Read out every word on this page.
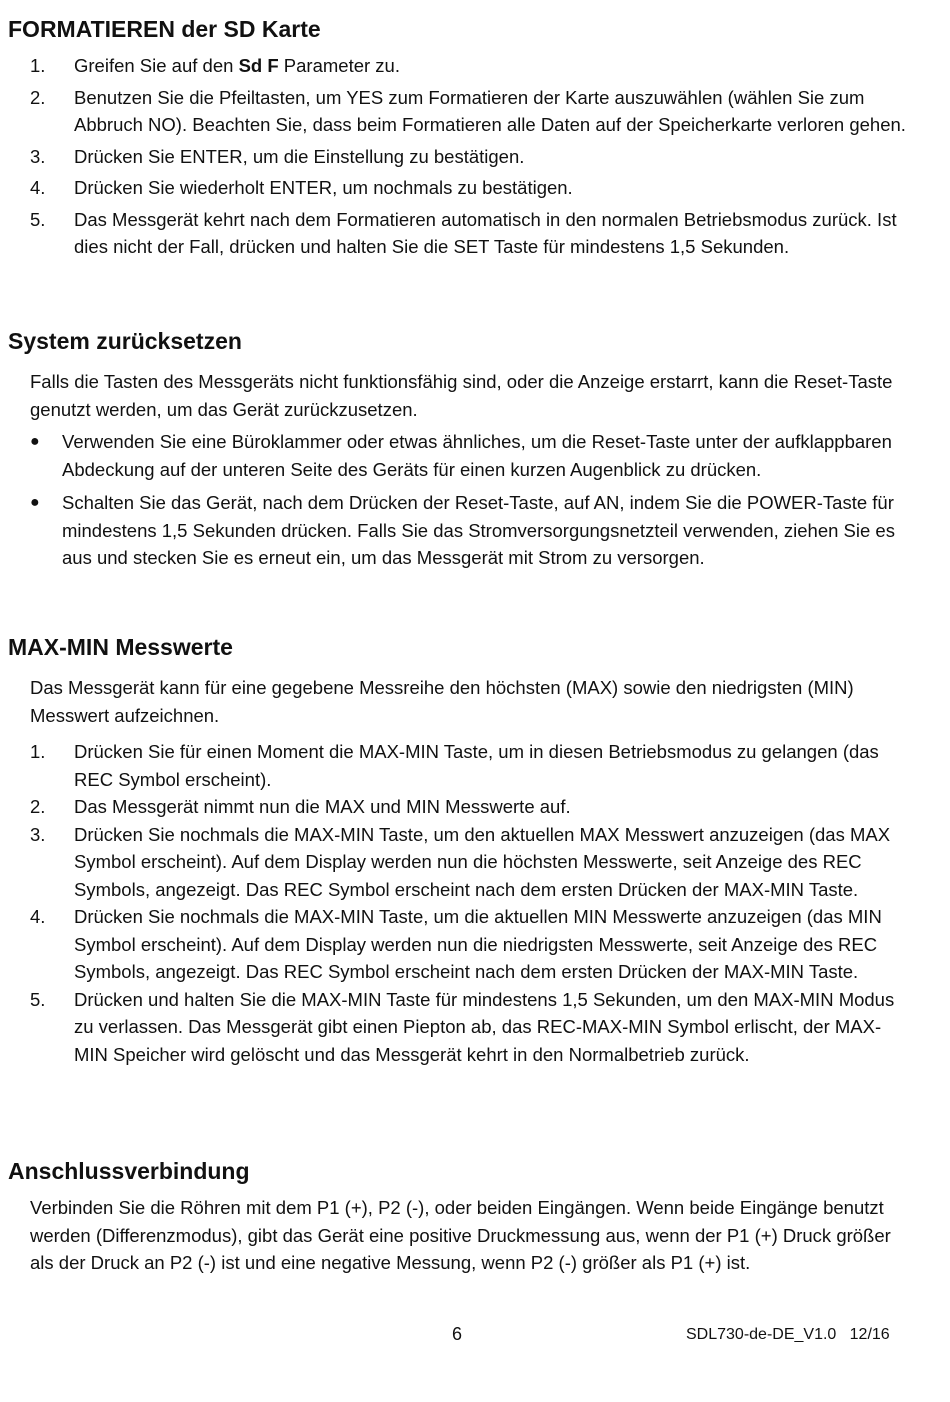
FORMATIEREN der SD Karte
1. Greifen Sie auf den Sd F Parameter zu.
2. Benutzen Sie die Pfeiltasten, um YES zum Formatieren der Karte auszuwählen (wählen Sie zum Abbruch NO). Beachten Sie, dass beim Formatieren alle Daten auf der Speicherkarte verloren gehen.
3. Drücken Sie ENTER, um die Einstellung zu bestätigen.
4. Drücken Sie wiederholt ENTER, um nochmals zu bestätigen.
5. Das Messgerät kehrt nach dem Formatieren automatisch in den normalen Betriebsmodus zurück. Ist dies nicht der Fall, drücken und halten Sie die SET Taste für mindestens 1,5 Sekunden.
System zurücksetzen

Falls die Tasten des Messgeräts nicht funktionsfähig sind, oder die Anzeige erstarrt, kann die Reset-Taste genutzt werden, um das Gerät zurückzusetzen.

● Verwenden Sie eine Büroklammer oder etwas ähnliches, um die Reset-Taste unter der aufklappbaren Abdeckung auf der unteren Seite des Geräts für einen kurzen Augenblick zu drücken.
● Schalten Sie das Gerät, nach dem Drücken der Reset-Taste, auf AN, indem Sie die POWER-Taste für mindestens 1,5 Sekunden drücken. Falls Sie das Stromversorgungsnetzteil verwenden, ziehen Sie es aus und stecken Sie es erneut ein, um das Messgerät mit Strom zu versorgen.
MAX-MIN Messwerte

Das Messgerät kann für eine gegebene Messreihe den höchsten (MAX) sowie den niedrigsten (MIN) Messwert aufzeichnen.

1. Drücken Sie für einen Moment die MAX-MIN Taste, um in diesen Betriebsmodus zu gelangen (das REC Symbol erscheint).
2. Das Messgerät nimmt nun die MAX und MIN Messwerte auf.
3. Drücken Sie nochmals die MAX-MIN Taste, um den aktuellen MAX Messwert anzuzeigen (das MAX Symbol erscheint). Auf dem Display werden nun die höchsten Messwerte, seit Anzeige des REC Symbols, angezeigt. Das REC Symbol erscheint nach dem ersten Drücken der MAX-MIN Taste.
4. Drücken Sie nochmals die MAX-MIN Taste, um die aktuellen MIN Messwerte anzuzeigen (das MIN Symbol erscheint). Auf dem Display werden nun die niedrigsten Messwerte, seit Anzeige des REC Symbols, angezeigt. Das REC Symbol erscheint nach dem ersten Drücken der MAX-MIN Taste.
5. Drücken und halten Sie die MAX-MIN Taste für mindestens 1,5 Sekunden, um den MAX-MIN Modus zu verlassen. Das Messgerät gibt einen Piepton ab, das REC-MAX-MIN Symbol erlischt, der MAX-MIN Speicher wird gelöscht und das Messgerät kehrt in den Normalbetrieb zurück.
Anschlussverbindung

Verbinden Sie die Röhren mit dem P1 (+), P2 (-), oder beiden Eingängen. Wenn beide Eingänge benutzt werden (Differenzmodus), gibt das Gerät eine positive Druckmessung aus, wenn der P1 (+) Druck größer als der Druck an P2 (-) ist und eine negative Messung, wenn P2 (-) größer als P1 (+) ist.

6	SDL730-de-DE_V1.0   12/16
